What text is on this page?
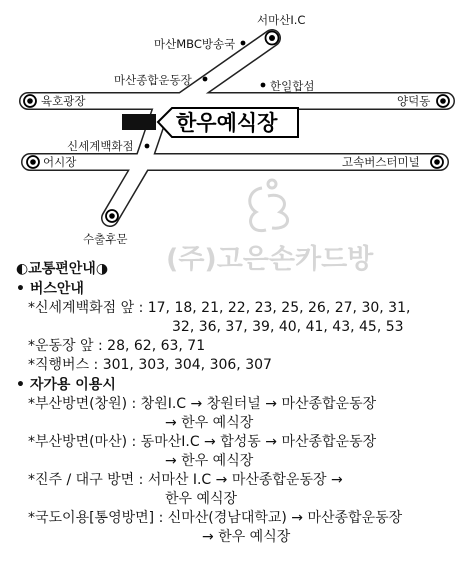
한우예식장
서마산I.C
마산MBC방송국
마산종합운동장	한일합섬
육호광장	양덕동
신세계백화점
어시장	고속버스터미널
수출후문
(주)고은손카드방
◐교통편안내◑
• 버스안내
*신세계백화점 앞 : 17, 18, 21, 22, 23, 25, 26, 27, 30, 31,
32, 36, 37, 39, 40, 41, 43, 45, 53
*운동장 앞 : 28, 62, 63, 71
*직행버스 : 301, 303, 304, 306, 307
• 자가용 이용시
*부산방면(창원) : 창원I.C → 창원터널 → 마산종합운동장
→ 한우 예식장
*부산방면(마산) : 동마산I.C → 합성동 → 마산종합운동장
→ 한우 예식장
*진주 / 대구 방면 : 서마산 I.C → 마산종합운동장 →
한우 예식장
*국도이용[통영방면] : 신마산(경남대학교) → 마산종합운동장
→ 한우 예식장
